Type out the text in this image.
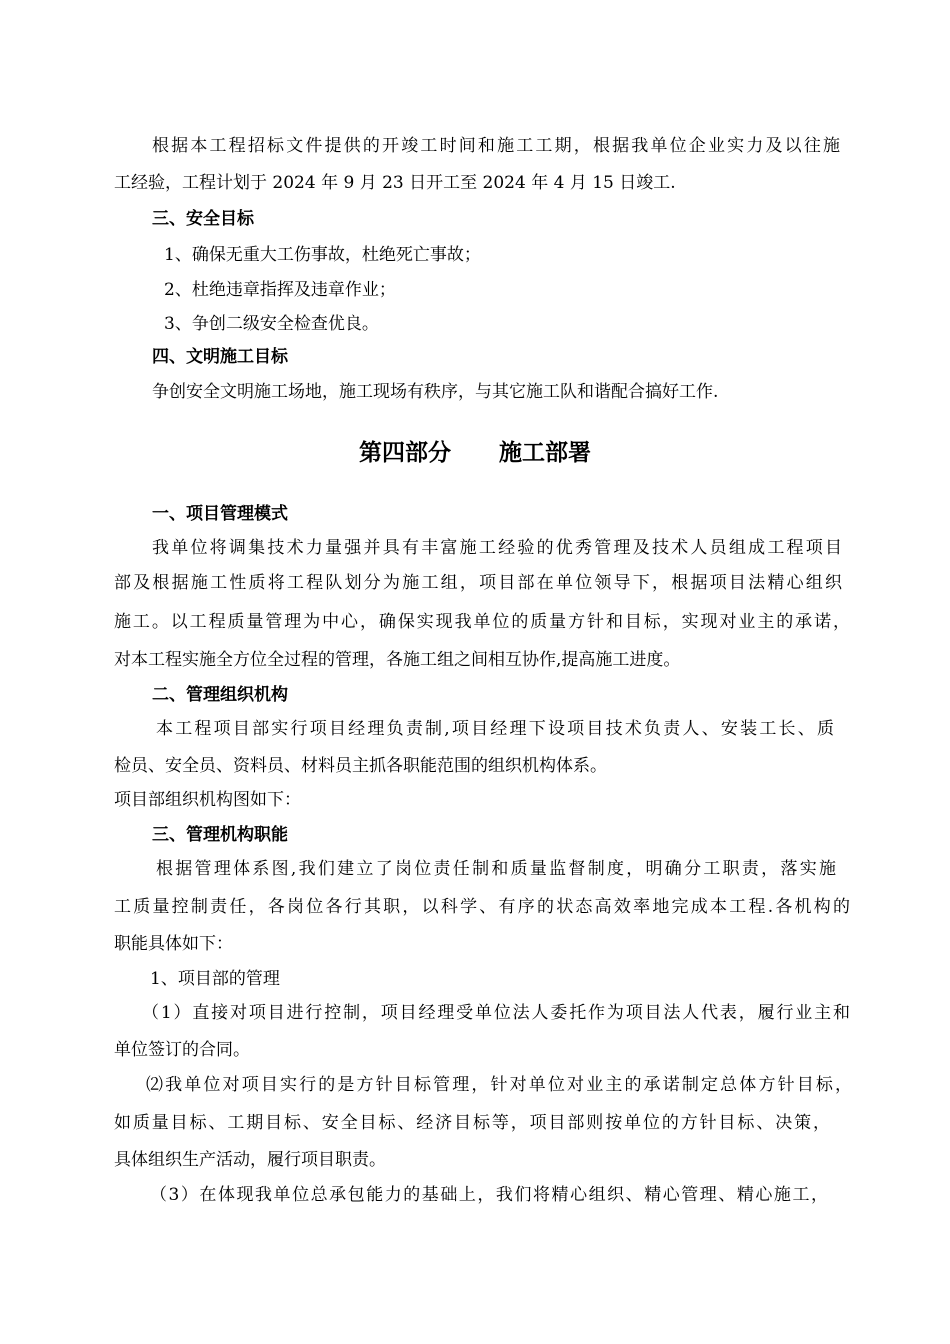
根据本工程招标文件提供的开竣工时间和施工工期，根据我单位企业实力及以往施
工经验，工程计划于 2024 年 9 月 23 日开工至 2024 年 4 月 15 日竣工.
三、安全目标
1、确保无重大工伤事故，杜绝死亡事故；
2、杜绝违章指挥及违章作业；
3、争创二级安全检查优良。
四、文明施工目标
争创安全文明施工场地，施工现场有秩序，与其它施工队和谐配合搞好工作.
第四部分      施工部署
一、项目管理模式
我单位将调集技术力量强并具有丰富施工经验的优秀管理及技术人员组成工程项目
部及根据施工性质将工程队划分为施工组，项目部在单位领导下，根据项目法精心组织
施工。以工程质量管理为中心，确保实现我单位的质量方针和目标，实现对业主的承诺，
对本工程实施全方位全过程的管理，各施工组之间相互协作,提高施工进度。
二、管理组织机构
本工程项目部实行项目经理负责制,项目经理下设项目技术负责人、安装工长、质
检员、安全员、资料员、材料员主抓各职能范围的组织机构体系。
项目部组织机构图如下：
三、管理机构职能
根据管理体系图,我们建立了岗位责任制和质量监督制度，明确分工职责，落实施
工质量控制责任，各岗位各行其职，以科学、有序的状态高效率地完成本工程.各机构的
职能具体如下：
1、项目部的管理
（1）直接对项目进行控制，项目经理受单位法人委托作为项目法人代表，履行业主和
单位签订的合同。
⑵我单位对项目实行的是方针目标管理，针对单位对业主的承诺制定总体方针目标，
如质量目标、工期目标、安全目标、经济目标等，项目部则按单位的方针目标、决策，
具体组织生产活动，履行项目职责。
（3）在体现我单位总承包能力的基础上，我们将精心组织、精心管理、精心施工，
